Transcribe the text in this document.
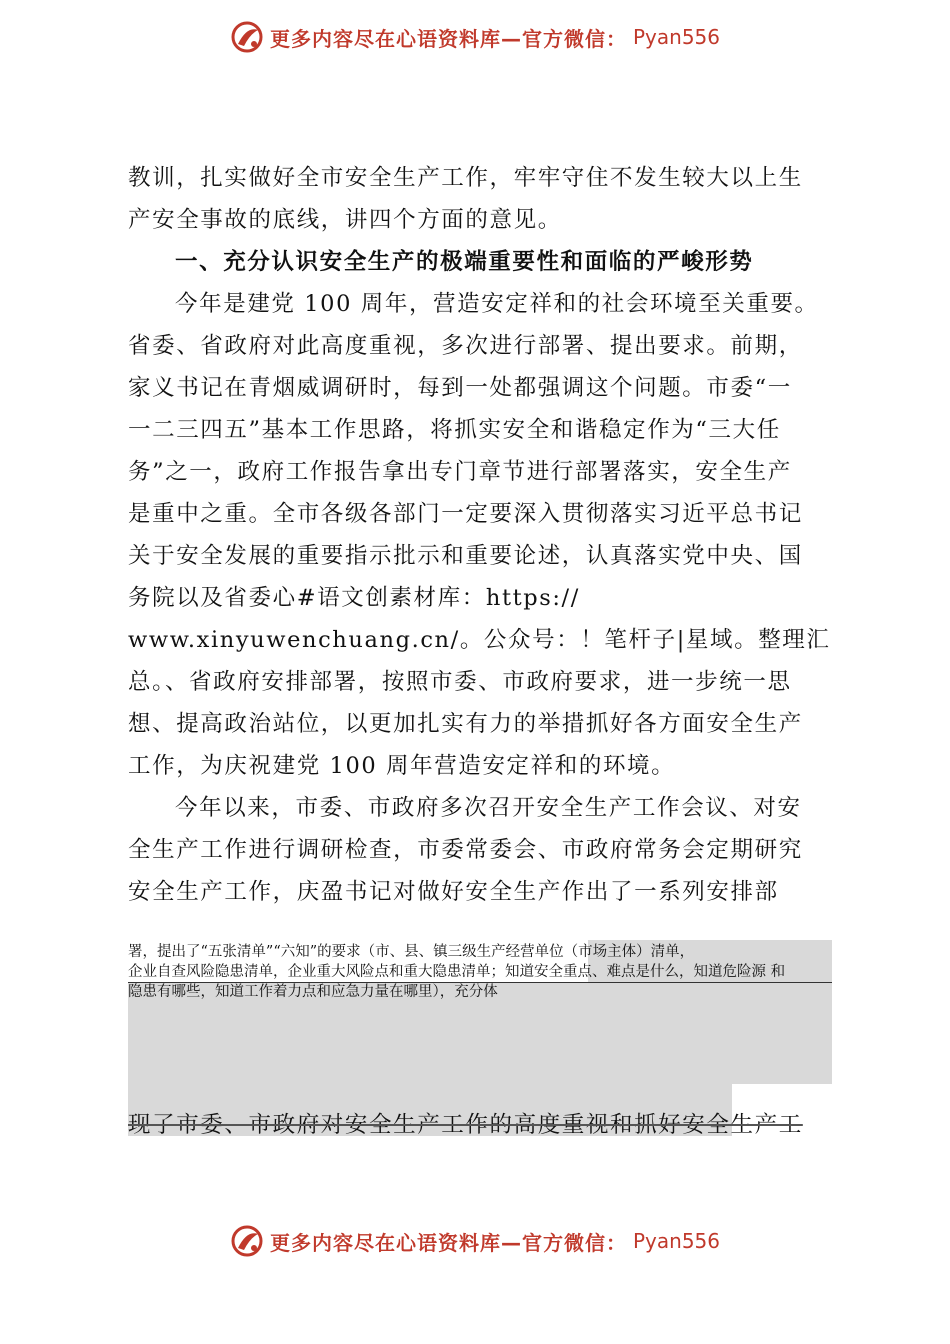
更多内容尽在心语资料库—官方微信： Pyan556
教训，扎实做好全市安全生产工作，牢牢守住不发生较大以上生
产安全事故的底线，讲四个方面的意见。
一、充分认识安全生产的极端重要性和面临的严峻形势
今年是建党 100 周年，营造安定祥和的社会环境至关重要。
省委、省政府对此高度重视，多次进行部署、提出要求。前期，
家义书记在青烟威调研时，每到一处都强调这个问题。市委“一
一二三四五”基本工作思路，将抓实安全和谐稳定作为“三大任
务”之一，政府工作报告拿出专门章节进行部署落实，安全生产
是重中之重。全市各级各部门一定要深入贯彻落实习近平总书记
关于安全发展的重要指示批示和重要论述，认真落实党中央、国
务院以及省委心#语文创素材库：https://
www.xinyuwenchuang.cn/。公众号：！笔杆子|星域。整理汇
总。、省政府安排部署，按照市委、市政府要求，进一步统一思
想、提高政治站位，以更加扎实有力的举措抓好各方面安全生产
工作，为庆祝建党 100 周年营造安定祥和的环境。
今年以来，市委、市政府多次召开安全生产工作会议、对安
全生产工作进行调研检查，市委常委会、市政府常务会定期研究
安全生产工作，庆盈书记对做好安全生产作出了一系列安排部
署，提出了“五张清单”“六知”的要求（市、县、镇三级生产经营单位（市场主体）清单，
企业自查风险隐患清单，企业重大风险点和重大隐患清单；知道安全重点、难点是什么，知道危险源 和
隐患有哪些，知道工作着力点和应急力量在哪里），充分体
现了市委、市政府对安全生产工作的高度重视和抓好安全生产工
更多内容尽在心语资料库—官方微信： Pyan556
